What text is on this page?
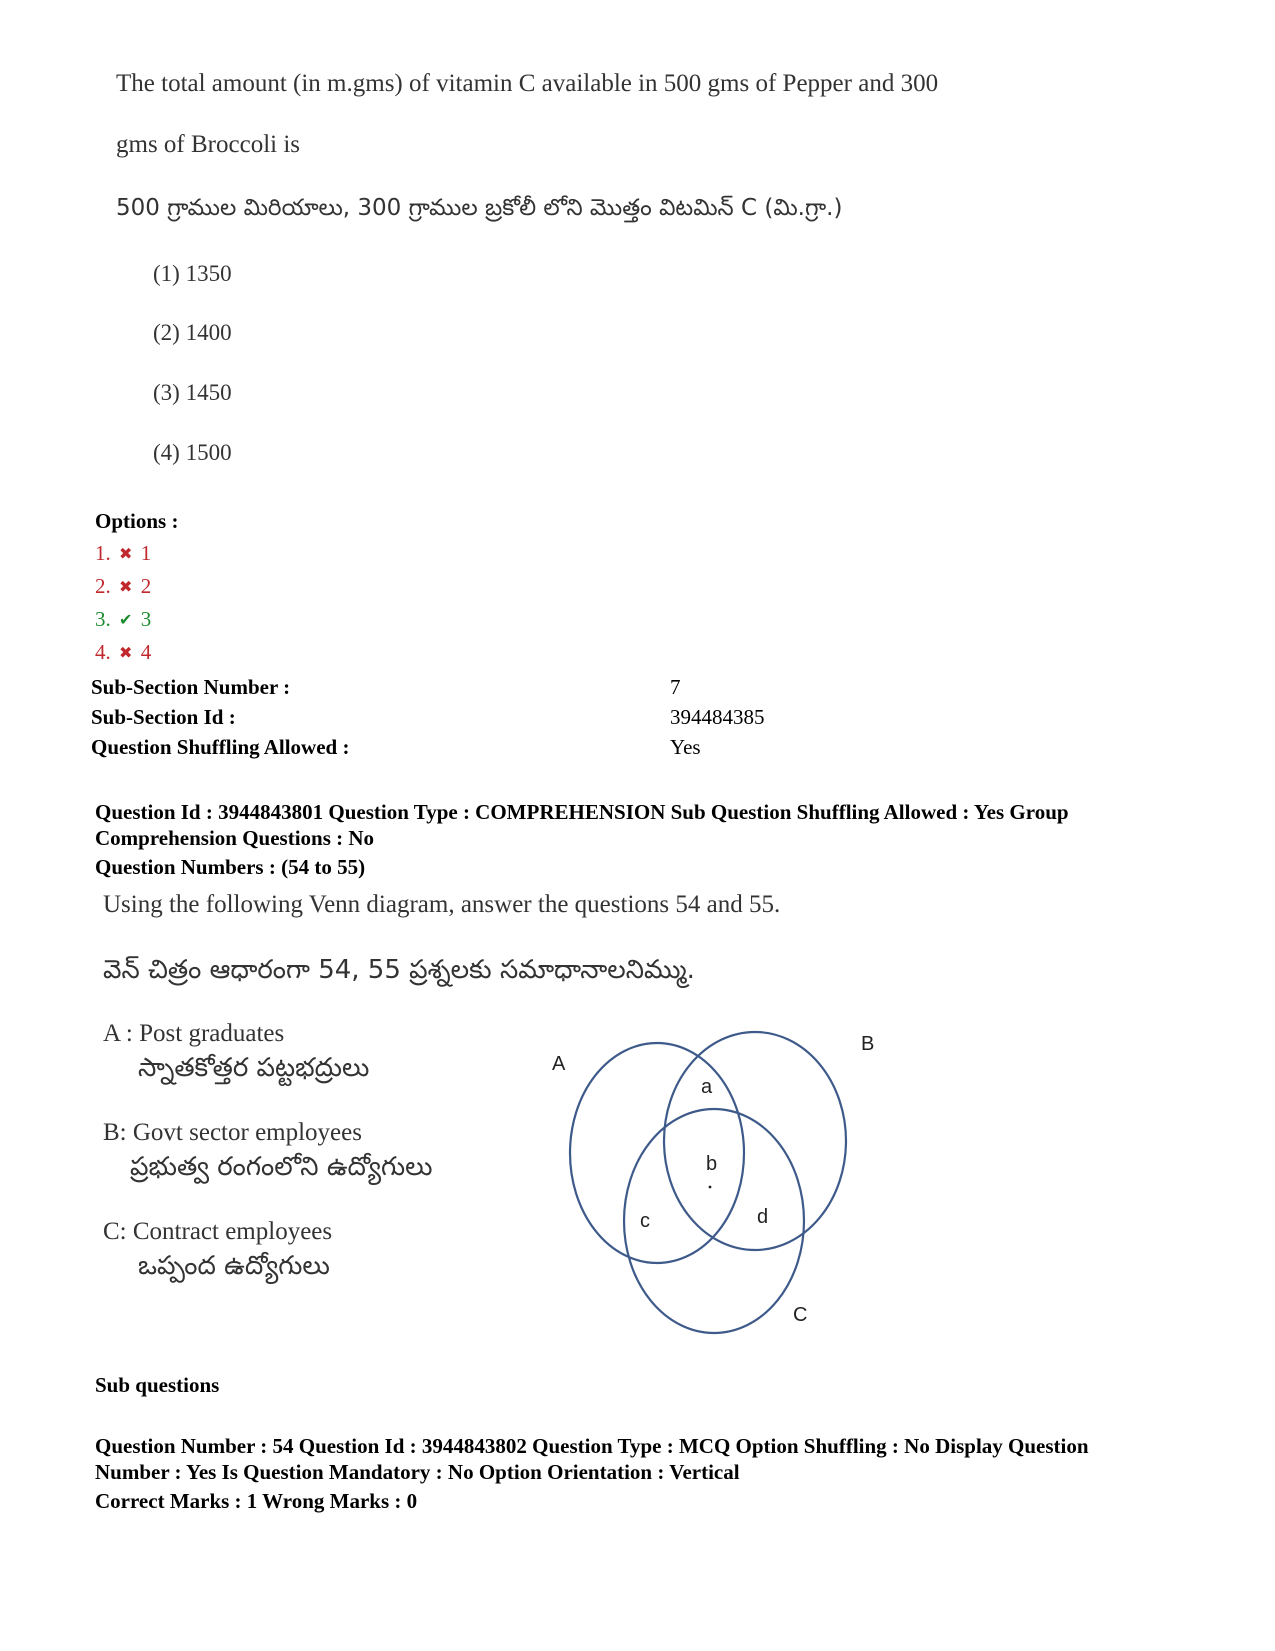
The total amount (in m.gms) of vitamin C available in 500 gms of Pepper and 300
gms of Broccoli is
500 గ్రాముల మిరియాలు, 300 గ్రాముల బ్రకోలీ లోని మొత్తం విటమిన్ C (మి.గ్రా.)
(1) 1350
(2) 1400
(3) 1450
(4) 1500
Options :
1. ✖ 1
2. ✖ 2
3. ✔ 3
4. ✖ 4
Sub-Section Number :	7
Sub-Section Id :	394484385
Question Shuffling Allowed :	Yes
Question Id : 3944843801 Question Type : COMPREHENSION Sub Question Shuffling Allowed : Yes Group
Comprehension Questions : No
Question Numbers : (54 to 55)
Using the following Venn diagram, answer the questions 54 and 55.
వెన్ చిత్రం ఆధారంగా 54, 55 ప్రశ్నలకు సమాధానాలనిమ్ము.
A : Post graduates
స్నాతకోత్తర పట్టభద్రులు
B: Govt sector employees
ప్రభుత్వ రంగంలోని ఉద్యోగులు
C: Contract employees
ఒప్పంద ఉద్యోగులు
A
B
C
a
b
c	d
Sub questions
Question Number : 54 Question Id : 3944843802 Question Type : MCQ Option Shuffling : No Display Question
Number : Yes Is Question Mandatory : No Option Orientation : Vertical
Correct Marks : 1 Wrong Marks : 0
